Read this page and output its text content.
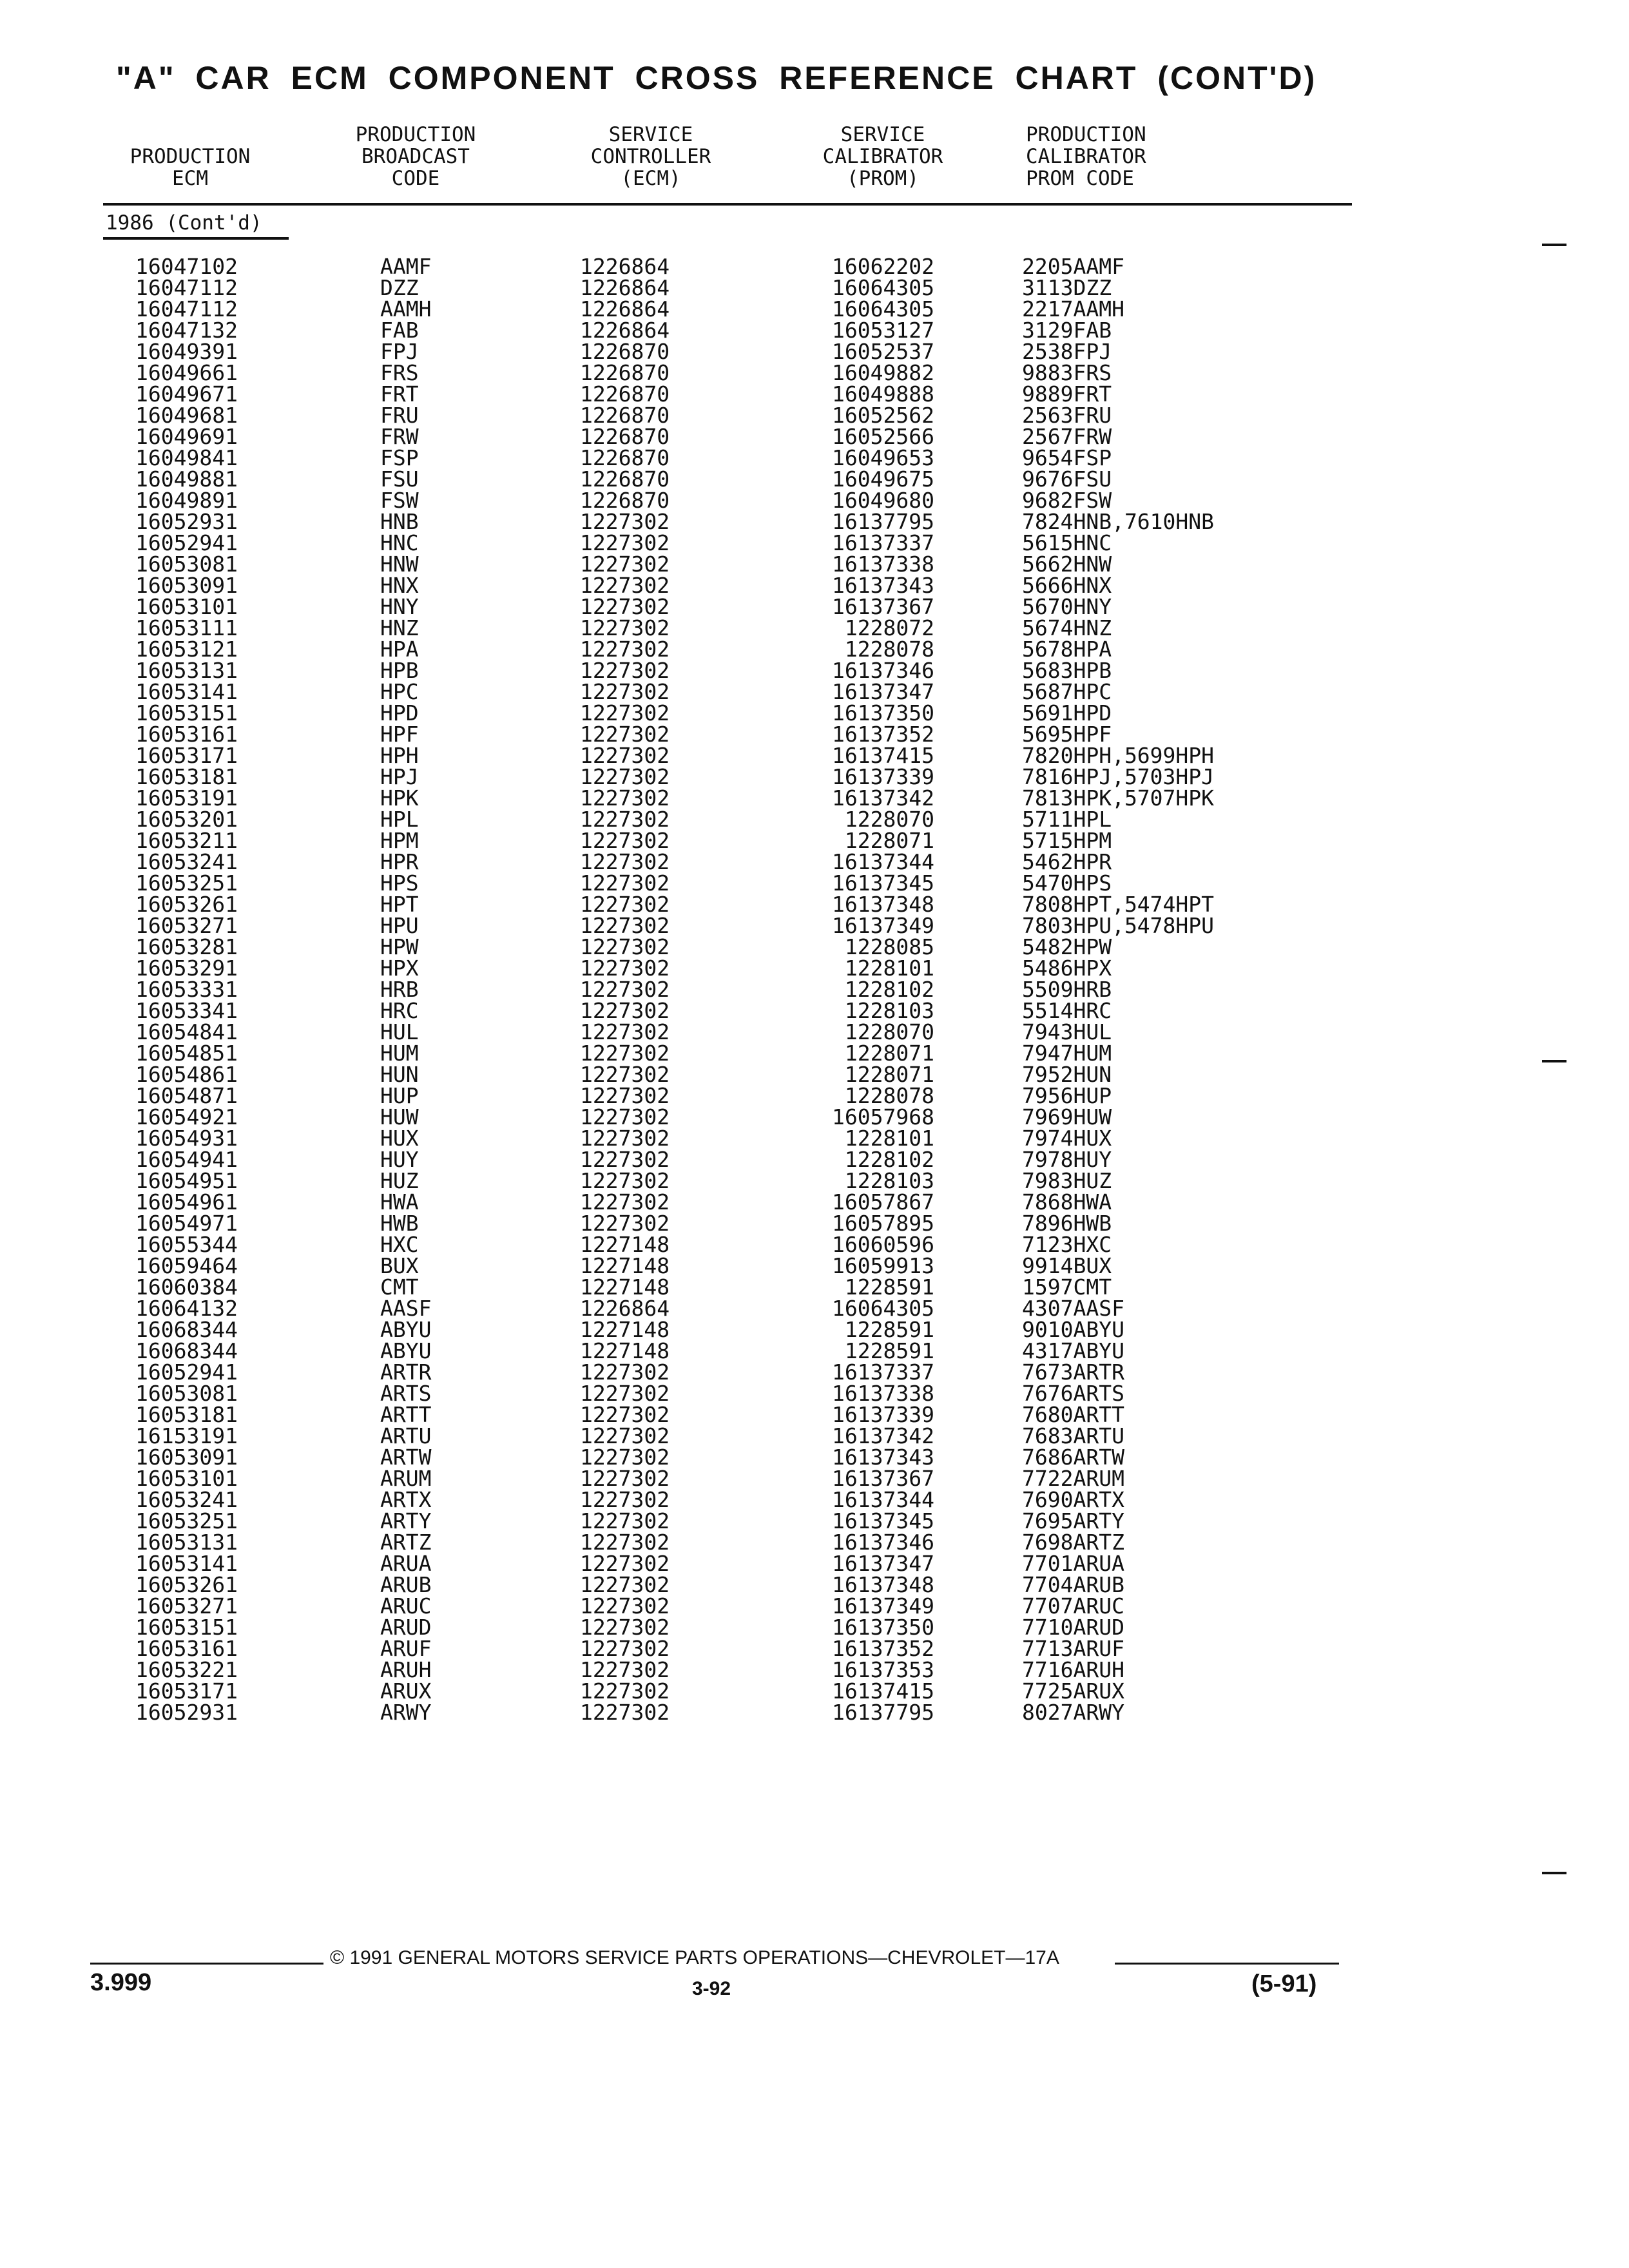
"A" CAR ECM COMPONENT CROSS REFERENCE CHART (CONT'D)
PRODUCTION
ECM
PRODUCTION
BROADCAST
CODE
SERVICE
CONTROLLER
(ECM)
SERVICE
CALIBRATOR
(PROM)
PRODUCTION
CALIBRATOR
PROM CODE
1986 (Cont'd)
16047102	AAMF	1226864	16062202	2205AAMF
16047112	DZZ	1226864	16064305	3113DZZ
16047112	AAMH	1226864	16064305	2217AAMH
16047132	FAB	1226864	16053127	3129FAB
16049391	FPJ	1226870	16052537	2538FPJ
16049661	FRS	1226870	16049882	9883FRS
16049671	FRT	1226870	16049888	9889FRT
16049681	FRU	1226870	16052562	2563FRU
16049691	FRW	1226870	16052566	2567FRW
16049841	FSP	1226870	16049653	9654FSP
16049881	FSU	1226870	16049675	9676FSU
16049891	FSW	1226870	16049680	9682FSW
16052931	HNB	1227302	16137795	7824HNB,7610HNB
16052941	HNC	1227302	16137337	5615HNC
16053081	HNW	1227302	16137338	5662HNW
16053091	HNX	1227302	16137343	5666HNX
16053101	HNY	1227302	16137367	5670HNY
16053111	HNZ	1227302	1228072	5674HNZ
16053121	HPA	1227302	1228078	5678HPA
16053131	HPB	1227302	16137346	5683HPB
16053141	HPC	1227302	16137347	5687HPC
16053151	HPD	1227302	16137350	5691HPD
16053161	HPF	1227302	16137352	5695HPF
16053171	HPH	1227302	16137415	7820HPH,5699HPH
16053181	HPJ	1227302	16137339	7816HPJ,5703HPJ
16053191	HPK	1227302	16137342	7813HPK,5707HPK
16053201	HPL	1227302	1228070	5711HPL
16053211	HPM	1227302	1228071	5715HPM
16053241	HPR	1227302	16137344	5462HPR
16053251	HPS	1227302	16137345	5470HPS
16053261	HPT	1227302	16137348	7808HPT,5474HPT
16053271	HPU	1227302	16137349	7803HPU,5478HPU
16053281	HPW	1227302	1228085	5482HPW
16053291	HPX	1227302	1228101	5486HPX
16053331	HRB	1227302	1228102	5509HRB
16053341	HRC	1227302	1228103	5514HRC
16054841	HUL	1227302	1228070	7943HUL
16054851	HUM	1227302	1228071	7947HUM
16054861	HUN	1227302	1228071	7952HUN
16054871	HUP	1227302	1228078	7956HUP
16054921	HUW	1227302	16057968	7969HUW
16054931	HUX	1227302	1228101	7974HUX
16054941	HUY	1227302	1228102	7978HUY
16054951	HUZ	1227302	1228103	7983HUZ
16054961	HWA	1227302	16057867	7868HWA
16054971	HWB	1227302	16057895	7896HWB
16055344	HXC	1227148	16060596	7123HXC
16059464	BUX	1227148	16059913	9914BUX
16060384	CMT	1227148	1228591	1597CMT
16064132	AASF	1226864	16064305	4307AASF
16068344	ABYU	1227148	1228591	9010ABYU
16068344	ABYU	1227148	1228591	4317ABYU
16052941	ARTR	1227302	16137337	7673ARTR
16053081	ARTS	1227302	16137338	7676ARTS
16053181	ARTT	1227302	16137339	7680ARTT
16153191	ARTU	1227302	16137342	7683ARTU
16053091	ARTW	1227302	16137343	7686ARTW
16053101	ARUM	1227302	16137367	7722ARUM
16053241	ARTX	1227302	16137344	7690ARTX
16053251	ARTY	1227302	16137345	7695ARTY
16053131	ARTZ	1227302	16137346	7698ARTZ
16053141	ARUA	1227302	16137347	7701ARUA
16053261	ARUB	1227302	16137348	7704ARUB
16053271	ARUC	1227302	16137349	7707ARUC
16053151	ARUD	1227302	16137350	7710ARUD
16053161	ARUF	1227302	16137352	7713ARUF
16053221	ARUH	1227302	16137353	7716ARUH
16053171	ARUX	1227302	16137415	7725ARUX
16052931	ARWY	1227302	16137795	8027ARWY
© 1991 GENERAL MOTORS SERVICE PARTS OPERATIONS—CHEVROLET—17A
3.999	3-92	(5-91)
